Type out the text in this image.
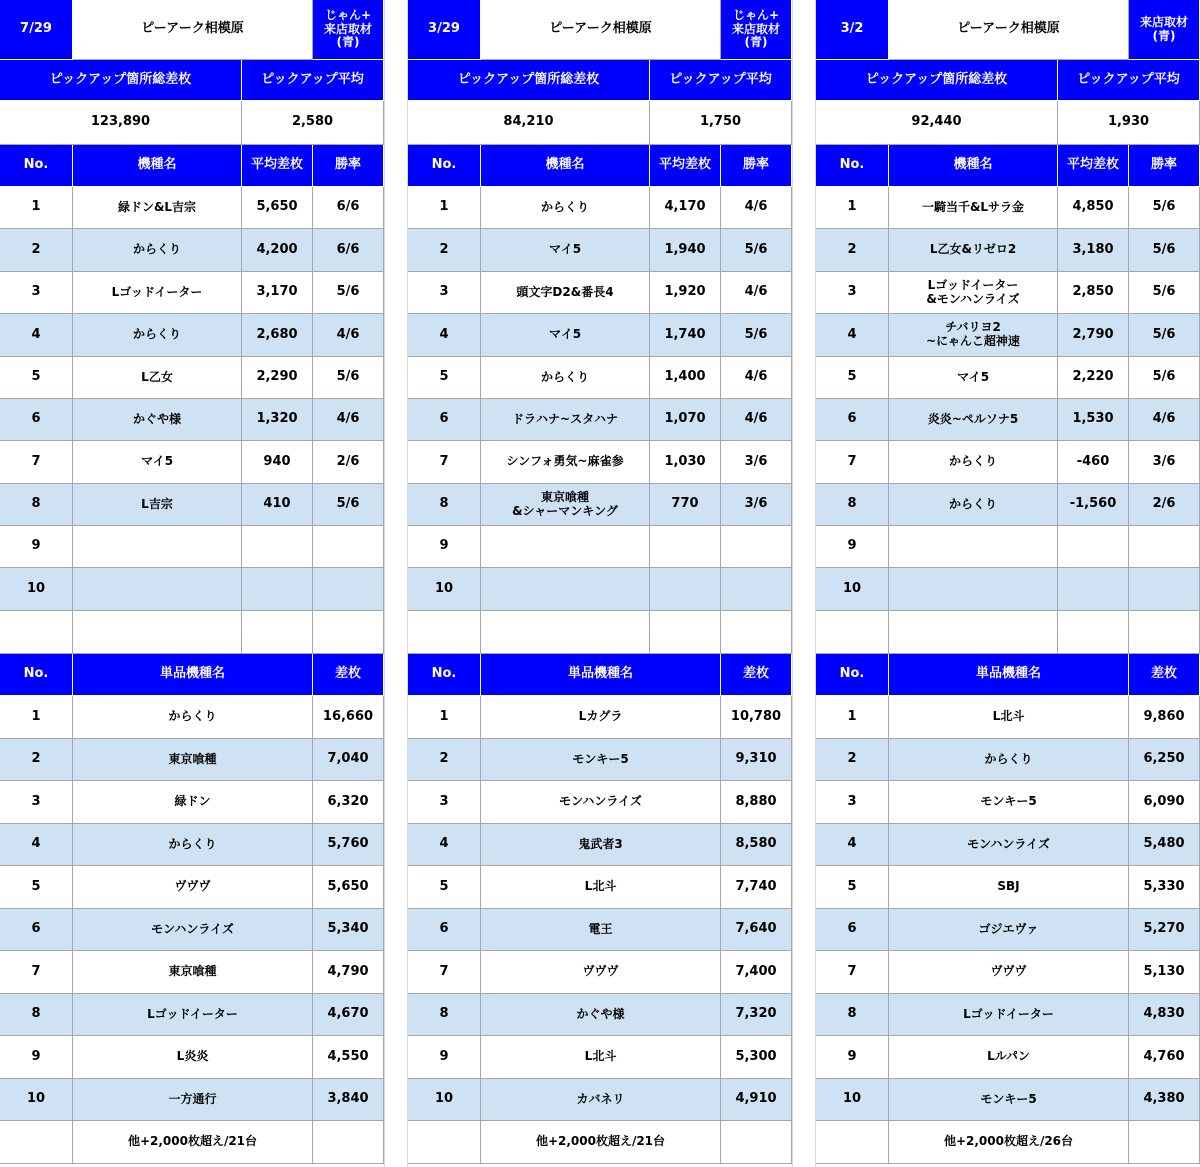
7/29	ピーアーク相模原
じゃん+
来店取材
(青)
ピックアップ箇所総差枚	ピックアップ平均
123,890	2,580
No.	機種名	平均差枚	勝率
1	緑ドン&L吉宗	5,650	6/6
2	からくり	4,200	6/6
3	Lゴッドイーター	3,170	5/6
4	からくり	2,680	4/6
5	L乙女	2,290	5/6
6	かぐや様	1,320	4/6
7	マイ5	940	2/6
8	L吉宗	410	5/6
9
10
No.	単品機種名	差枚
1	からくり	16,660
2	東京喰種	7,040
3	緑ドン	6,320
4	からくり	5,760
5	ヴヴヴ	5,650
6	モンハンライズ	5,340
7	東京喰種	4,790
8	Lゴッドイーター	4,670
9	L炎炎	4,550
10	一方通行	3,840
他+2,000枚超え/21台
3/29	ピーアーク相模原
じゃん+
来店取材
(青)
ピックアップ箇所総差枚	ピックアップ平均
84,210	1,750
No.	機種名	平均差枚	勝率
1	からくり	4,170	4/6
2	マイ5	1,940	5/6
3	頭文字D2&番長4	1,920	4/6
4	マイ5	1,740	5/6
5	からくり	1,400	4/6
6	ドラハナ~スタハナ	1,070	4/6
7	シンフォ勇気~麻雀参	1,030	3/6
8	東京喰種
&シャーマンキング	770	3/6
9
10
No.	単品機種名	差枚
1	Lカグラ	10,780
2	モンキー5	9,310
3	モンハンライズ	8,880
4	鬼武者3	8,580
5	L北斗	7,740
6	電王	7,640
7	ヴヴヴ	7,400
8	かぐや様	7,320
9	L北斗	5,300
10	カバネリ	4,910
他+2,000枚超え/21台
3/2	ピーアーク相模原	来店取材
(青)
ピックアップ箇所総差枚	ピックアップ平均
92,440	1,930
No.	機種名	平均差枚	勝率
1	一騎当千&Lサラ金	4,850	5/6
2	L乙女&リゼロ2	3,180	5/6
3	Lゴッドイーター
&モンハンライズ	2,850	5/6
4	チバリヨ2
~にゃんこ超神速	2,790	5/6
5	マイ5	2,220	5/6
6	炎炎~ペルソナ5	1,530	4/6
7	からくり	-460	3/6
8	からくり	-1,560	2/6
9
10
No.	単品機種名	差枚
1	L北斗	9,860
2	からくり	6,250
3	モンキー5	6,090
4	モンハンライズ	5,480
5	SBJ	5,330
6	ゴジエヴァ	5,270
7	ヴヴヴ	5,130
8	Lゴッドイーター	4,830
9	Lルパン	4,760
10	モンキー5	4,380
他+2,000枚超え/26台
